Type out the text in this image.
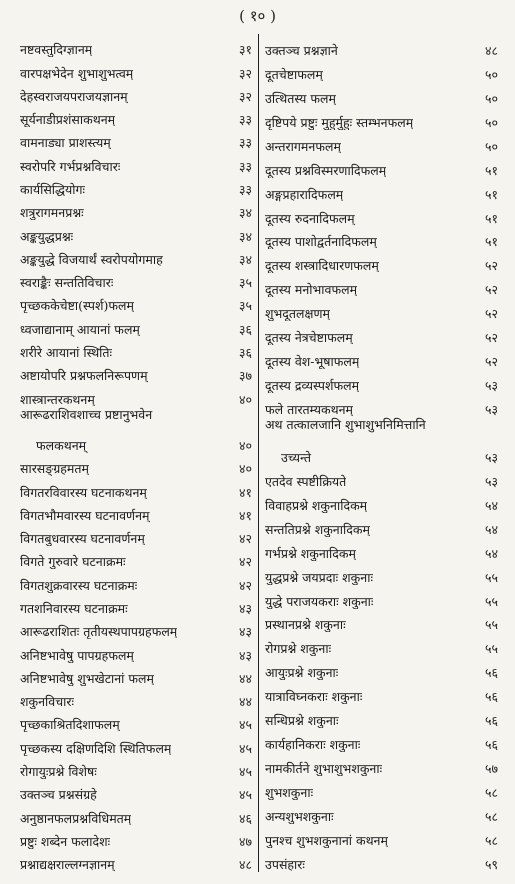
( १० )
नष्टवस्तुदिग्ज्ञानम्	३१
वारपक्षभेदेन शुभाशुभत्वम्	३२
देहस्वराजयपराजयज्ञानम्	३२
सूर्यनाडीप्रशंसाकथनम्	३३
वामनाड्या प्राशस्त्यम्	३३
स्वरोपरि गर्भप्रश्नविचारः	३३
कार्यसिद्धियोगः	३३
शत्रुरागमनप्रश्नः	३४
अङ्कयुद्धप्रश्नः	३४
अङ्कयुद्धे विजयार्थं स्वरोपयोगमाह	३४
स्वराङ्कैः सन्ततिविचारः	३५
पृच्छककेचेष्टा(स्पर्श)फलम्	३५
ध्वजाद्यानाम् आयानां फलम्	३६
शरीरे आयानां स्थितिः	३६
अष्टायोपरि प्रश्नफलनिरूपणम्	३७
शास्त्रान्तरकथनम्	४०
आरूढराशिवशाच्च प्रष्टानुभवेन
फलकथनम्	४०
सारसङ्ग्रहमतम्	४०
विगतरविवारस्य घटनाकथनम्	४१
विगतभौमवारस्य घटनावर्णनम्	४१
विगतबुधवारस्य घटनावर्णनम्	४२
विगते गुरुवारे घटनाक्रमः	४२
विगतशुक्रवारस्य घटनाक्रमः	४२
गतशनिवारस्य घटनाक्रमः	४३
आरूढराशितः तृतीयस्थपापग्रहफलम्	४३
अनिष्टभावेषु पापग्रहफलम्	४३
अनिष्टभावेषु शुभखेटानां फलम्	४४
शकुनविचारः	४४
पृच्छकाश्रितदिशाफलम्	४५
पृच्छकस्य दक्षिणदिशि स्थितिफलम्	४५
रोगायुःप्रश्ने विशेषः	४५
उक्तञ्च प्रश्नसंग्रहे	४५
अनुष्ठानफलप्रश्नविधिमतम्	४६
प्रष्टुः शब्देन फलादेशः	४७
प्रश्नाद्यक्षराल्लग्नज्ञानम्	४८
उक्तञ्च प्रश्नज्ञाने	४८
दूतचेष्टाफलम्	५०
उत्थितस्य फलम्	५०
दृष्टिपये प्रष्टुः मुहुर्मुहुः स्तम्भनफलम्	५०
अन्तरागमनफलम्	५०
दूतस्य प्रश्नविस्मरणादिफलम्	५१
अङ्गप्रहारादिफलम्	५१
दूतस्य रुदनादिफलम्	५१
दूतस्य पाशोद्वर्तनादिफलम्	५१
दूतस्य शस्त्रादिधारणफलम्	५२
दूतस्य मनोभावफलम्	५२
शुभदूतलक्षणम्	५२
दूतस्य नेत्रचेष्टाफलम्	५२
दूतस्य वेश-भूषाफलम्	५२
दूतस्य द्रव्यस्पर्शफलम्	५३
फले तारतम्यकथनम्	५३
अथ तत्कालजानि शुभाशुभनिमित्तानि
उच्यन्ते	५३
एतदेव स्पष्टीक्रियते	५३
विवाहप्रश्ने शकुनादिकम्	५४
सन्ततिप्रश्ने शकुनादिकम्	५४
गर्भप्रश्ने शकुनादिकम्	५४
युद्धप्रश्ने जयप्रदाः शकुनाः	५५
युद्धे पराजयकराः शकुनाः	५५
प्रस्थानप्रश्ने शकुनाः	५५
रोगप्रश्ने शकुनाः	५५
आयुःप्रश्ने शकुनाः	५६
यात्राविघ्नकराः शकुनाः	५६
सन्धिप्रश्ने शकुनाः	५६
कार्यहानिकराः शकुनाः	५६
नामकीर्तने शुभाशुभशकुनाः	५७
शुभशकुनाः	५८
अन्यशुभशकुनाः	५८
पुनश्च शुभशकुनानां कथनम्	५८
उपसंहारः	५९
